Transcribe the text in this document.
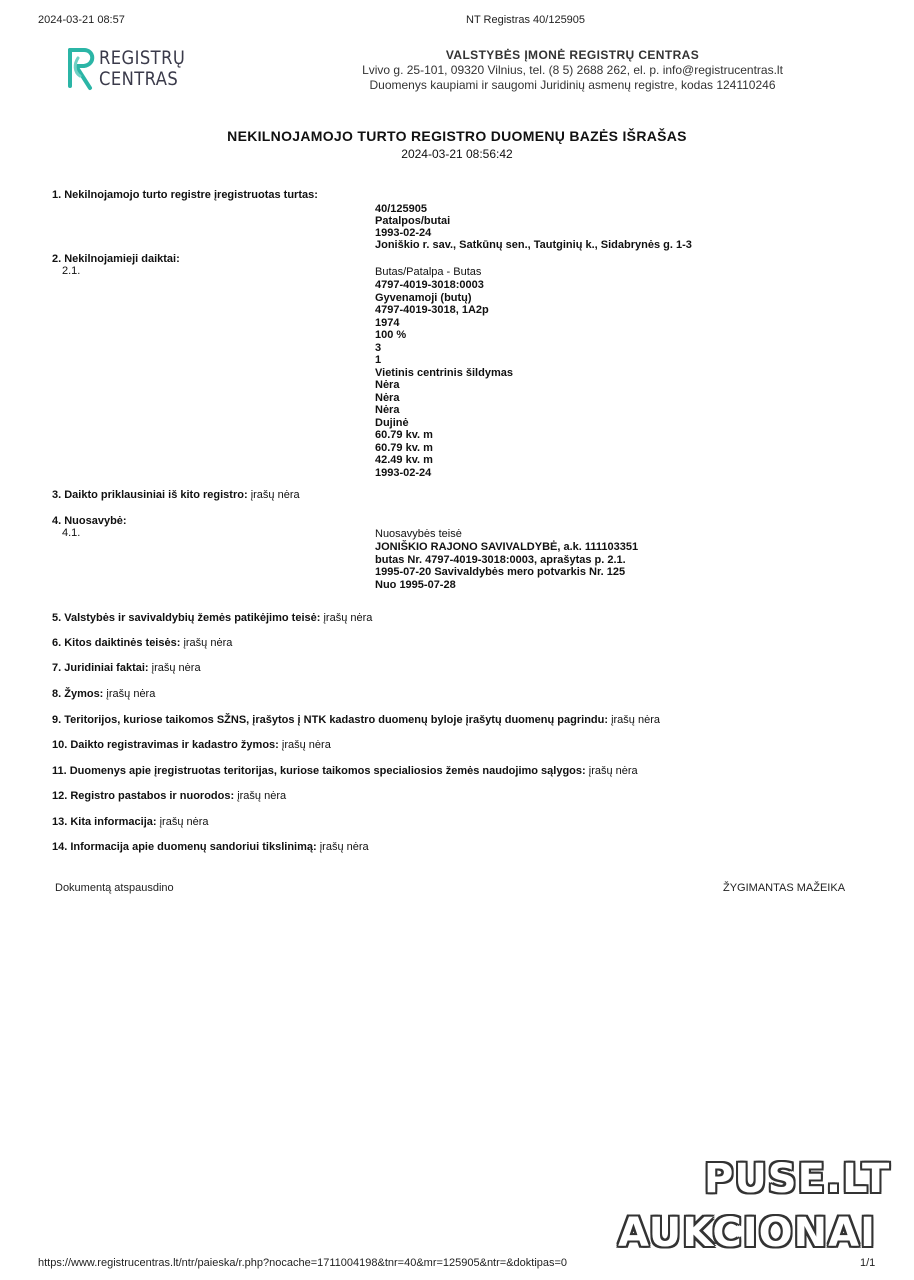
2024-03-21 08:57	NT Registras 40/125905
REGISTRŲ
CENTRAS
VALSTYBĖS ĮMONĖ REGISTRŲ CENTRAS
Lvivo g. 25-101, 09320 Vilnius, tel. (8 5) 2688 262, el. p. info@registrucentras.lt
Duomenys kaupiami ir saugomi Juridinių asmenų registre, kodas 124110246
NEKILNOJAMOJO TURTO REGISTRO DUOMENŲ BAZĖS IŠRAŠAS
2024-03-21 08:56:42
1. Nekilnojamojo turto registre įregistruotas turtas:
40/125905
Patalpos/butai
1993-02-24
Joniškio r. sav., Satkūnų sen., Tautginių k., Sidabrynės g. 1-3
2. Nekilnojamieji daiktai:
2.1.	Butas/Patalpa - Butas
4797-4019-3018:0003
Gyvenamoji (butų)
4797-4019-3018, 1A2p
1974
100 %
3
1
Vietinis centrinis šildymas
Nėra
Nėra
Nėra
Dujinė
60.79 kv. m
60.79 kv. m
42.49 kv. m
1993-02-24
3. Daikto priklausiniai iš kito registro: įrašų nėra
4. Nuosavybė:
4.1.	Nuosavybės teisė
JONIŠKIO RAJONO SAVIVALDYBĖ, a.k. 111103351
butas Nr. 4797-4019-3018:0003, aprašytas p. 2.1.
1995-07-20 Savivaldybės mero potvarkis Nr. 125
Nuo 1995-07-28
5. Valstybės ir savivaldybių žemės patikėjimo teisė: įrašų nėra
6. Kitos daiktinės teisės: įrašų nėra
7. Juridiniai faktai: įrašų nėra
8. Žymos: įrašų nėra
9. Teritorijos, kuriose taikomos SŽNS, įrašytos į NTK kadastro duomenų byloje įrašytų duomenų pagrindu: įrašų nėra
10. Daikto registravimas ir kadastro žymos: įrašų nėra
11. Duomenys apie įregistruotas teritorijas, kuriose taikomos specialiosios žemės naudojimo sąlygos: įrašų nėra
12. Registro pastabos ir nuorodos: įrašų nėra
13. Kita informacija: įrašų nėra
14. Informacija apie duomenų sandoriui tikslinimą: įrašų nėra
Dokumentą atspausdino	ŽYGIMANTAS MAŽEIKA
PUSE.LT
AUKCIONAI
https://www.registrucentras.lt/ntr/paieska/r.php?nocache=1711004198&tnr=40&mr=125905&ntr=&doktipas=0	1/1
